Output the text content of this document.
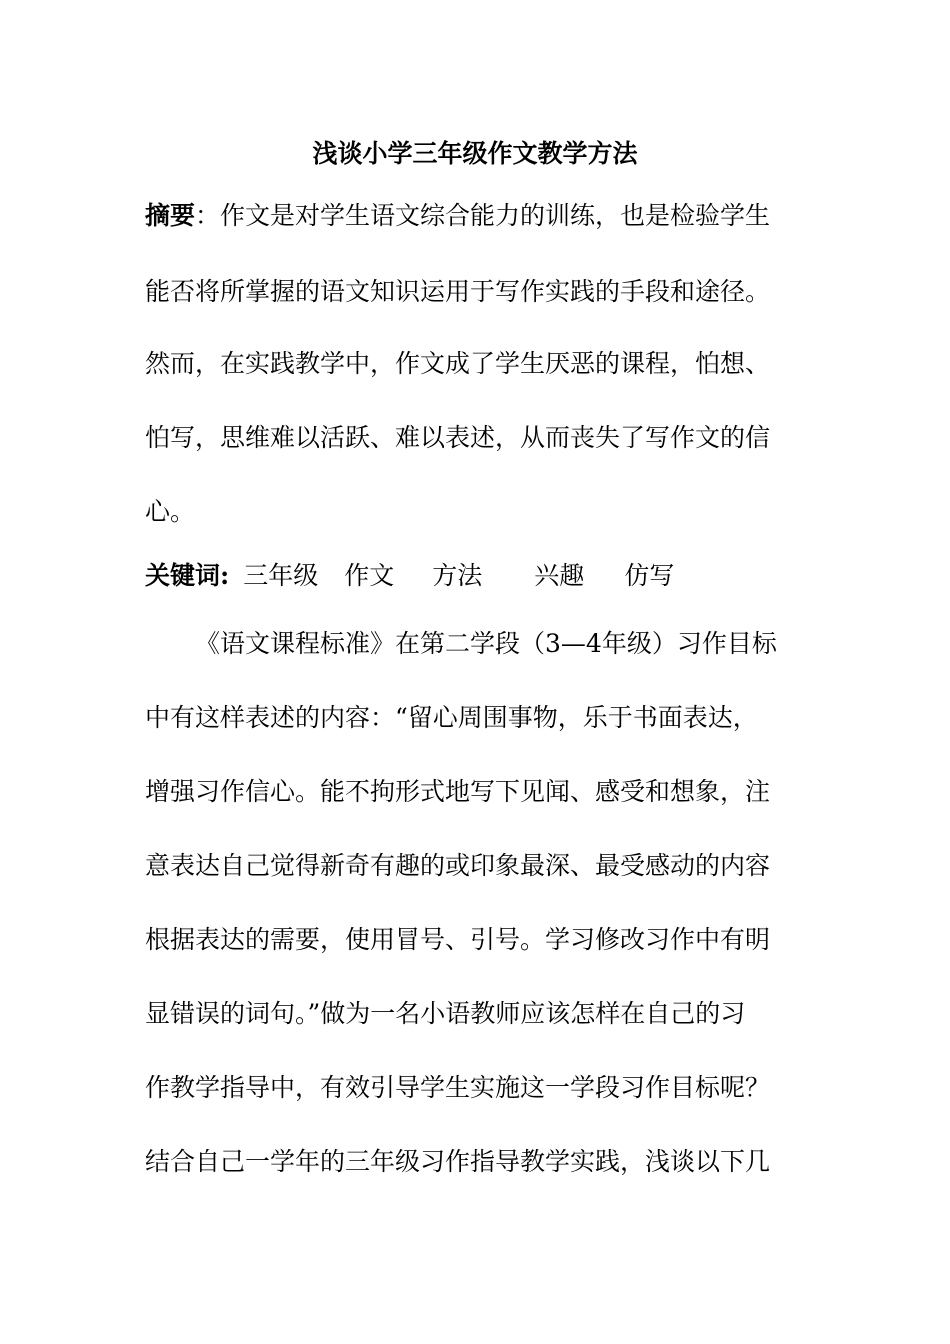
浅谈小学三年级作文教学方法

摘要：作文是对学生语文综合能力的训练，也是检验学生

能否将所掌握的语文知识运用于写作实践的手段和途径。

然而，在实践教学中，作文成了学生厌恶的课程，怕想、

怕写，思维难以活跃、难以表述，从而丧失了写作文的信

心。

关键词: 三年级 作文 方法 兴趣 仿写

《语文课程标准》在第二学段（3—4年级）习作目标

中有这样表述的内容：“留心周围事物，乐于书面表达，

增强习作信心。能不拘形式地写下见闻、感受和想象，注

意表达自己觉得新奇有趣的或印象最深、最受感动的内容

根据表达的需要，使用冒号、引号。学习修改习作中有明

显错误的词句。”做为一名小语教师应该怎样在自己的习

作教学指导中，有效引导学生实施这一学段习作目标呢？

结合自己一学年的三年级习作指导教学实践，浅谈以下几
